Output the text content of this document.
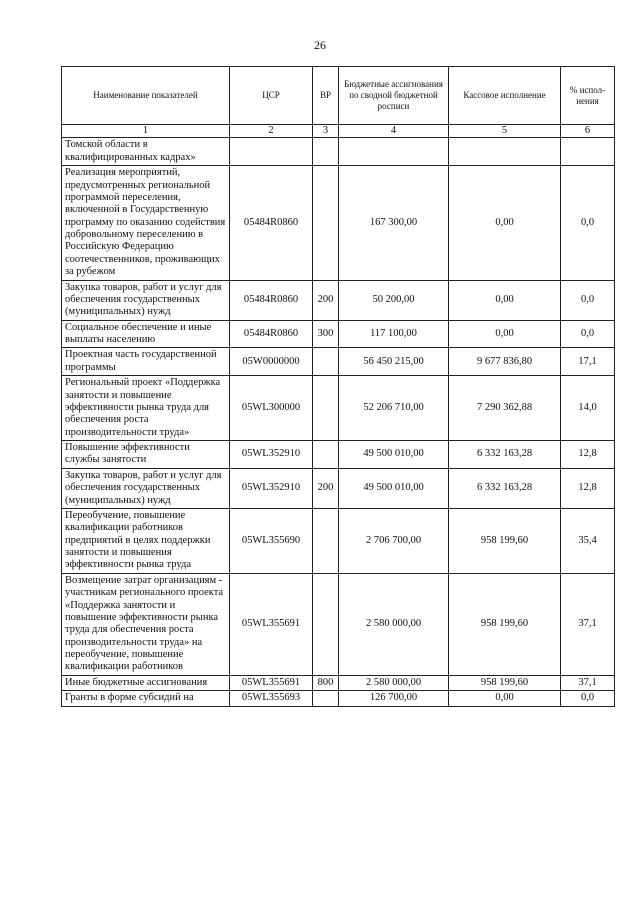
26
Наименование показателей	ЦСР	ВР	Бюджетные ассигнования по сводной бюджетной росписи	Кассовое исполнение	% испол-нения
1	2	3	4	5	6
Томской области в квалифицированных кадрах»					
Реализация мероприятий, предусмотренных региональной программой переселения, включенной в Государственную программу по оказанию содействия добровольному переселению в Российскую Федерацию соотечественников, проживающих за рубежом	05484R0860		167 300,00	0,00	0,0
Закупка товаров, работ и услуг для обеспечения государственных (муниципальных) нужд	05484R0860	200	50 200,00	0,00	0,0
Социальное обеспечение и иные выплаты населению	05484R0860	300	117 100,00	0,00	0,0
Проектная часть государственной программы	05W0000000		56 450 215,00	9 677 836,80	17,1
Региональный проект «Поддержка занятости и повышение эффективности рынка труда для обеспечения роста производительности труда»	05WL300000		52 206 710,00	7 290 362,88	14,0
Повышение эффективности службы занятости	05WL352910		49 500 010,00	6 332 163,28	12,8
Закупка товаров, работ и услуг для обеспечения государственных (муниципальных) нужд	05WL352910	200	49 500 010,00	6 332 163,28	12,8
Переобучение, повышение квалификации работников предприятий в целях поддержки занятости и повышения эффективности рынка труда	05WL355690		2 706 700,00	958 199,60	35,4
Возмещение затрат организациям - участникам регионального проекта «Поддержка занятости и повышение эффективности рынка труда для обеспечения роста производительности труда» на переобучение, повышение квалификации работников	05WL355691		2 580 000,00	958 199,60	37,1
Иные бюджетные ассигнования	05WL355691	800	2 580 000,00	958 199,60	37,1
Гранты в форме субсидий на	05WL355693		126 700,00	0,00	0,0
